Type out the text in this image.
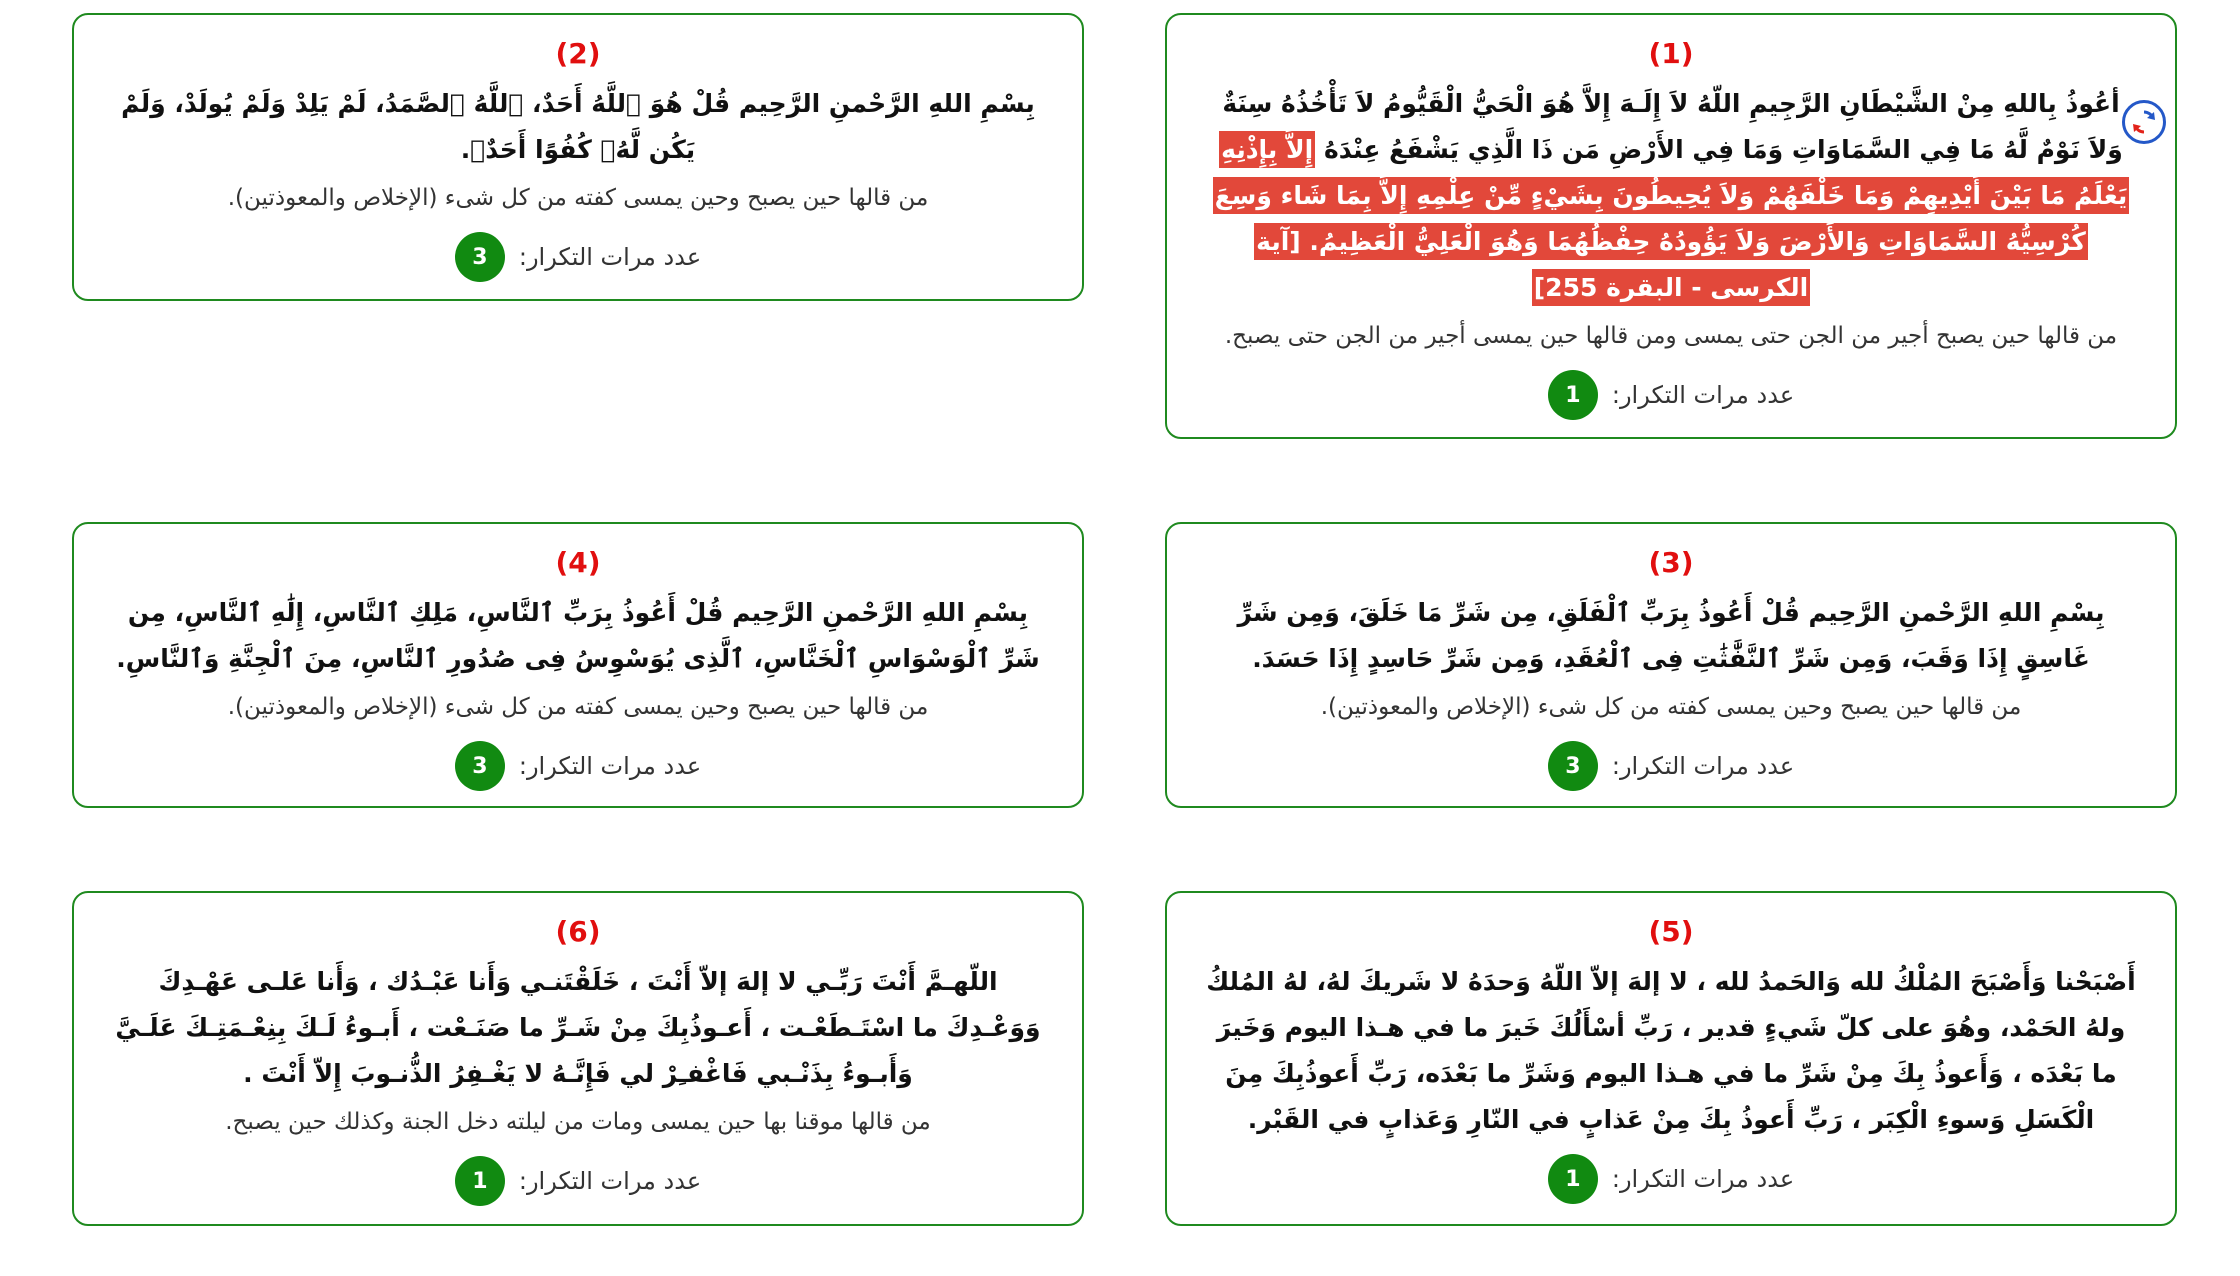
(1)
أعُوذُ بِاللهِ مِنْ الشَّيْطَانِ الرَّجِيمِ اللّهُ لاَ إِلَـهَ إِلاَّ هُوَ الْحَيُّ الْقَيُّومُ لاَ تَأْخُذُهُ سِنَةٌ وَلاَ نَوْمٌ لَّهُ مَا فِي السَّمَاوَاتِ وَمَا فِي الأَرْضِ مَن ذَا الَّذِي يَشْفَعُ عِنْدَهُ إِلاَّ بِإِذْنِهِ يَعْلَمُ مَا بَيْنَ أَيْدِيهِمْ وَمَا خَلْفَهُمْ وَلاَ يُحِيطُونَ بِشَيْءٍ مِّنْ عِلْمِهِ إِلاَّ بِمَا شَاء وَسِعَ كُرْسِيُّهُ السَّمَاوَاتِ وَالأَرْضَ وَلاَ يَؤُودُهُ حِفْظُهُمَا وَهُوَ الْعَلِيُّ الْعَظِيمُ. [آية الكرسى - البقرة 255]
من قالها حين يصبح أجير من الجن حتى يمسى ومن قالها حين يمسى أجير من الجن حتى يصبح.
عدد مرات التكرار:
1
(2)
بِسْمِ اللهِ الرَّحْمنِ الرَّحِيم قُلْ هُوَ ٱللَّهُ أَحَدٌ، ٱللَّهُ ٱلصَّمَدُ، لَمْ يَلِدْ وَلَمْ يُولَدْ، وَلَمْ يَكُن لَّهُۥ كُفُوًا أَحَدٌۢ.
من قالها حين يصبح وحين يمسى كفته من كل شىء (الإخلاص والمعوذتين).
عدد مرات التكرار:
3
(3)
بِسْمِ اللهِ الرَّحْمنِ الرَّحِيم قُلْ أَعُوذُ بِرَبِّ ٱلْفَلَقِ، مِن شَرِّ مَا خَلَقَ، وَمِن شَرِّ غَاسِقٍ إِذَا وَقَبَ، وَمِن شَرِّ ٱلنَّفَّٰثَٰتِ فِى ٱلْعُقَدِ، وَمِن شَرِّ حَاسِدٍ إِذَا حَسَدَ.
من قالها حين يصبح وحين يمسى كفته من كل شىء (الإخلاص والمعوذتين).
عدد مرات التكرار:
3
(4)
بِسْمِ اللهِ الرَّحْمنِ الرَّحِيم قُلْ أَعُوذُ بِرَبِّ ٱلنَّاسِ، مَلِكِ ٱلنَّاسِ، إِلَٰهِ ٱلنَّاسِ، مِن شَرِّ ٱلْوَسْوَاسِ ٱلْخَنَّاسِ، ٱلَّذِى يُوَسْوِسُ فِى صُدُورِ ٱلنَّاسِ، مِنَ ٱلْجِنَّةِ وَٱلنَّاسِ.
من قالها حين يصبح وحين يمسى كفته من كل شىء (الإخلاص والمعوذتين).
عدد مرات التكرار:
3
(5)
أَصْبَحْنا وَأَصْبَحَ المُلْكُ لله وَالحَمدُ لله ، لا إلهَ إلاّ اللّهُ وَحدَهُ لا شَريكَ لهُ، لهُ المُلكُ ولهُ الحَمْد، وهُوَ على كلّ شَيءٍ قدير ، رَبِّ أسْأَلُكَ خَيرَ ما في هـذا اليوم وَخَيرَ ما بَعْدَه ، وَأَعوذُ بِكَ مِنْ شَرِّ ما في هـذا اليوم وَشَرِّ ما بَعْدَه، رَبِّ أَعوذُبِكَ مِنَ الْكَسَلِ وَسوءِ الْكِبَر ، رَبِّ أَعوذُ بِكَ مِنْ عَذابٍ في النّارِ وَعَذابٍ في القَبْر.
عدد مرات التكرار:
1
(6)
اللّهـمَّ أَنْتَ رَبِّـي لا إلهَ إلاّ أَنْتَ ، خَلَقْتَنـي وَأَنا عَبْـدُك ، وَأَنا عَلـى عَهْـدِكَ وَوَعْـدِكَ ما اسْتَـطَعْـت ، أَعـوذُبِكَ مِنْ شَـرِّ ما صَنَـعْت ، أَبـوءُ لَـكَ بِنِعْـمَتِـكَ عَلَـيَّ وَأَبـوءُ بِذَنْـبي فَاغْفـِرْ لي فَإِنَّـهُ لا يَغْـفِرُ الذُّنـوبَ إِلاّ أَنْتَ .
من قالها موقنا بها حين يمسى ومات من ليلته دخل الجنة وكذلك حين يصبح.
عدد مرات التكرار:
1
